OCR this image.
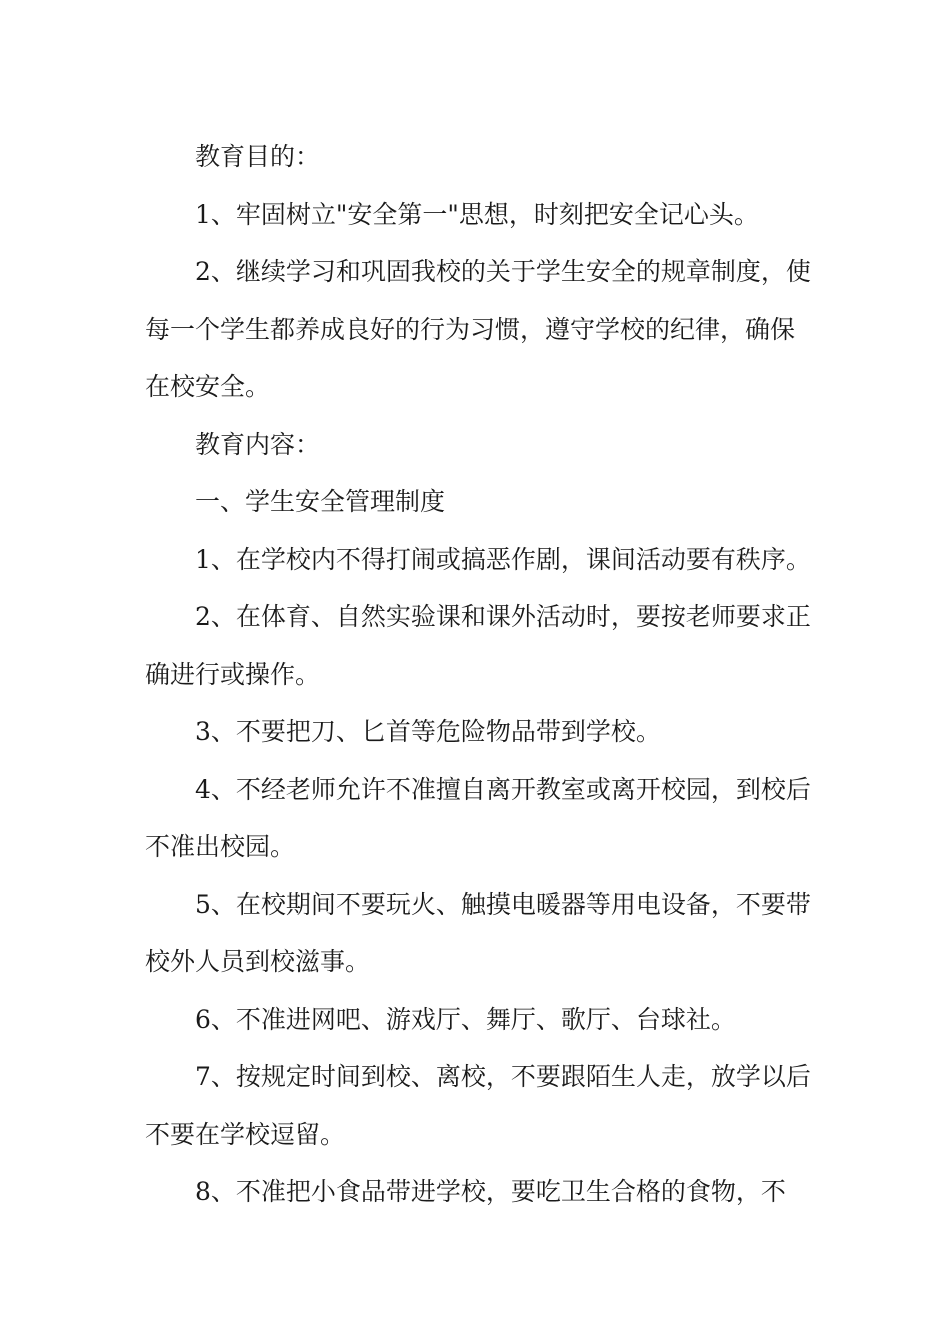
教育目的：

1、牢固树立"安全第一"思想，时刻把安全记心头。

2、继续学习和巩固我校的关于学生安全的规章制度，使每一个学生都养成良好的行为习惯，遵守学校的纪律，确保在校安全。

教育内容：

一、学生安全管理制度

1、在学校内不得打闹或搞恶作剧，课间活动要有秩序。

2、在体育、自然实验课和课外活动时，要按老师要求正确进行或操作。

3、不要把刀、匕首等危险物品带到学校。

4、不经老师允许不准擅自离开教室或离开校园，到校后不准出校园。

5、在校期间不要玩火、触摸电暖器等用电设备，不要带校外人员到校滋事。

6、不准进网吧、游戏厅、舞厅、歌厅、台球社。

7、按规定时间到校、离校，不要跟陌生人走，放学以后不要在学校逗留。

8、不准把小食品带进学校，要吃卫生合格的食物，不
